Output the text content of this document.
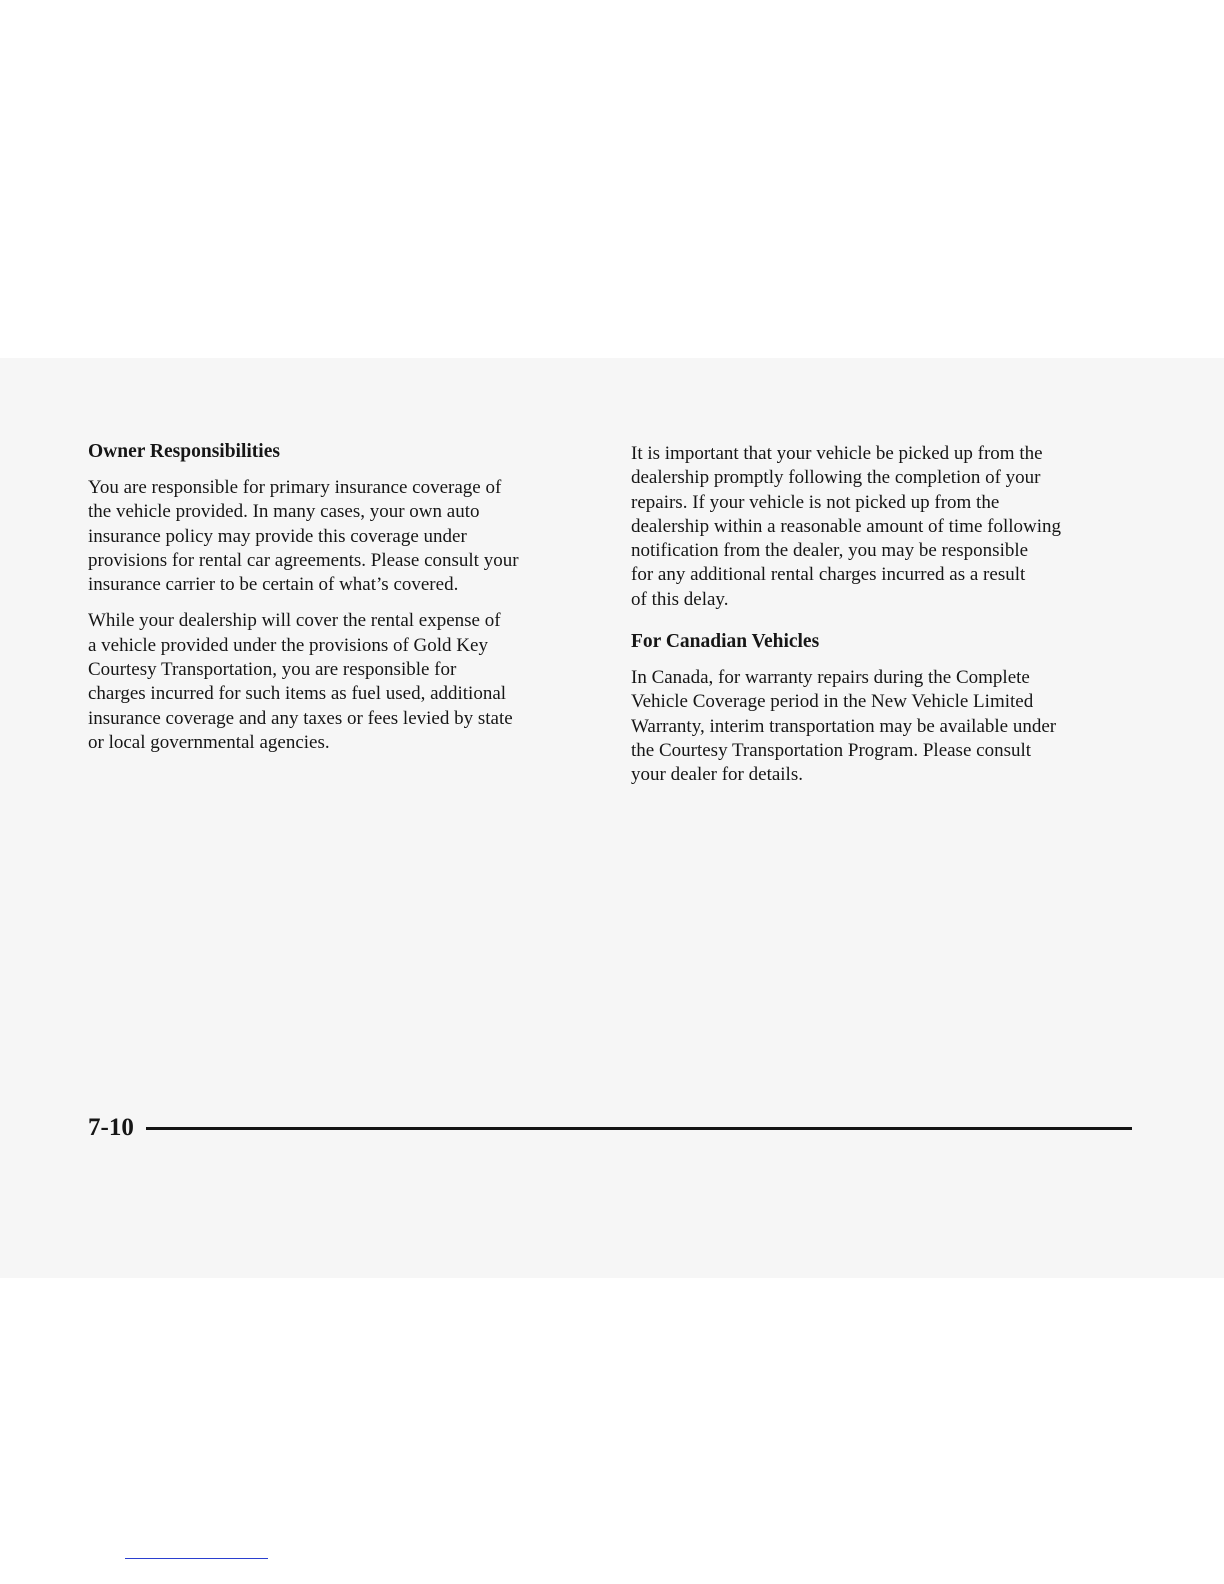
Owner Responsibilities
You are responsible for primary insurance coverage of
the vehicle provided. In many cases, your own auto
insurance policy may provide this coverage under
provisions for rental car agreements. Please consult your
insurance carrier to be certain of what’s covered.
While your dealership will cover the rental expense of
a vehicle provided under the provisions of Gold Key
Courtesy Transportation, you are responsible for
charges incurred for such items as fuel used, additional
insurance coverage and any taxes or fees levied by state
or local governmental agencies.
It is important that your vehicle be picked up from the
dealership promptly following the completion of your
repairs. If your vehicle is not picked up from the
dealership within a reasonable amount of time following
notification from the dealer, you may be responsible
for any additional rental charges incurred as a result
of this delay.
For Canadian Vehicles
In Canada, for warranty repairs during the Complete
Vehicle Coverage period in the New Vehicle Limited
Warranty, interim transportation may be available under
the Courtesy Transportation Program. Please consult
your dealer for details.
7-10
